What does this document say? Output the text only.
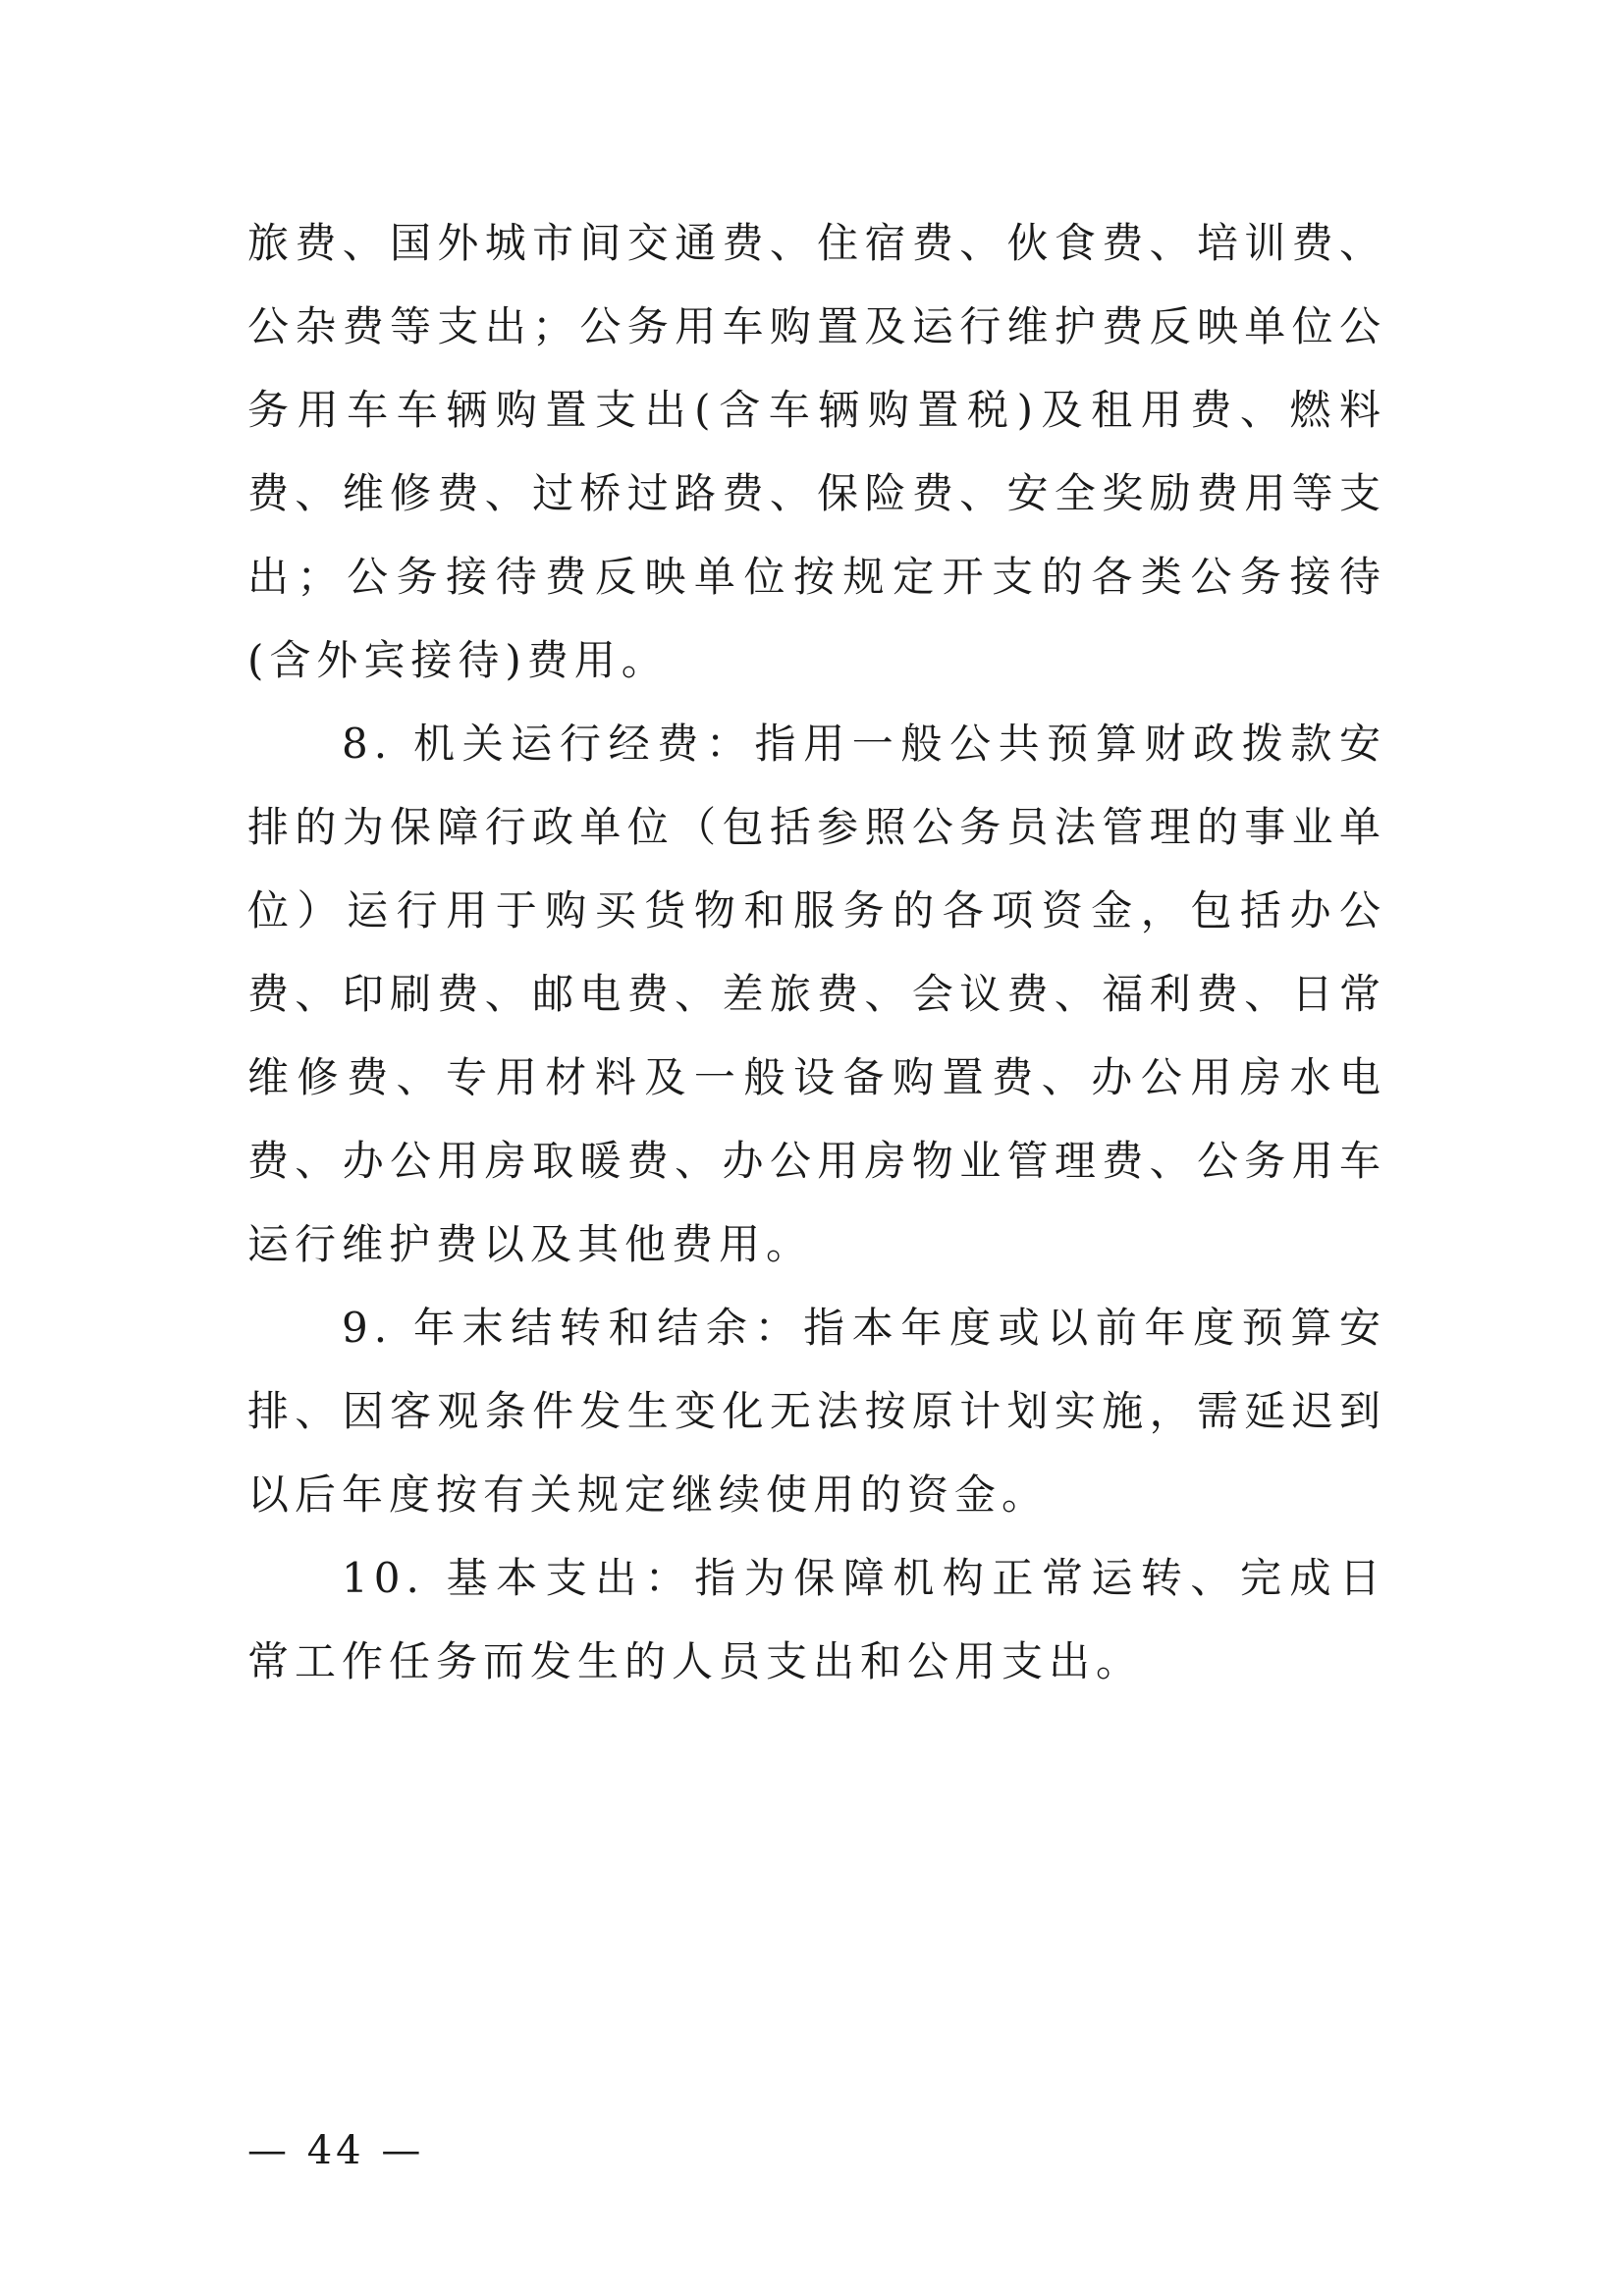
旅费、国外城市间交通费、住宿费、伙食费、培训费、公杂费等支出；公务用车购置及运行维护费反映单位公务用车车辆购置支出(含车辆购置税)及租用费、燃料费、维修费、过桥过路费、保险费、安全奖励费用等支出；公务接待费反映单位按规定开支的各类公务接待(含外宾接待)费用。

8. 机关运行经费：指用一般公共预算财政拨款安排的为保障行政单位（包括参照公务员法管理的事业单位）运行用于购买货物和服务的各项资金，包括办公费、印刷费、邮电费、差旅费、会议费、福利费、日常维修费、专用材料及一般设备购置费、办公用房水电费、办公用房取暖费、办公用房物业管理费、公务用车运行维护费以及其他费用。

9. 年末结转和结余：指本年度或以前年度预算安排、因客观条件发生变化无法按原计划实施，需延迟到以后年度按有关规定继续使用的资金。

10. 基本支出：指为保障机构正常运转、完成日常工作任务而发生的人员支出和公用支出。

— 44 —
